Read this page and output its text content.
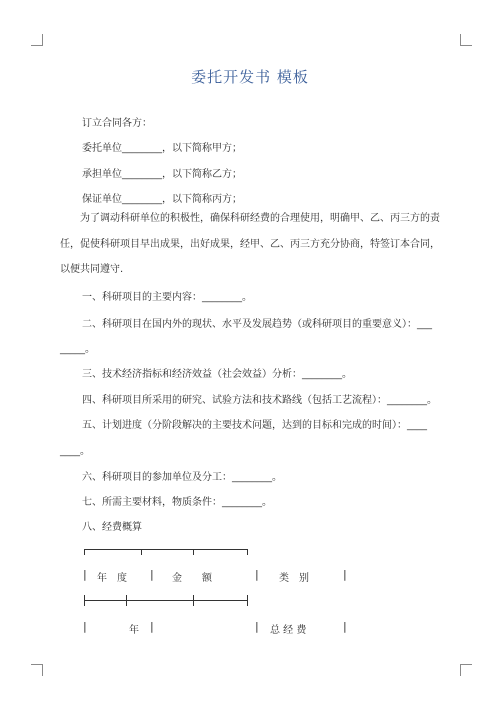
委托开发书 模板
订立合同各方：
委托单位________，以下简称甲方；
承担单位________，以下简称乙方；
保证单位________，以下简称丙方；
为了调动科研单位的积极性，确保科研经费的合理使用，明确甲、乙、丙三方的责任，促使科研项目早出成果，出好成果，经甲、乙、丙三方充分协商，特签订本合同，以便共同遵守.
一、科研项目的主要内容：________。
二、科研项目在国内外的现状、水平及发展趋势（或科研项目的重要意义）：___
_____。
三、技术经济指标和经济效益（社会效益）分析：________。
四、科研项目所采用的研究、试验方法和技术路线（包括工艺流程）：________。
五、计划进度（分阶段解决的主要技术问题，达到的目标和完成的时间）：____
____。
六、科研项目的参加单位及分工：________。
七、所需主要材料，物质条件：________。
八、经费概算
| 年　度 | 金　　额	| 类　别	|
|	年 |	| 总 经 费	|
